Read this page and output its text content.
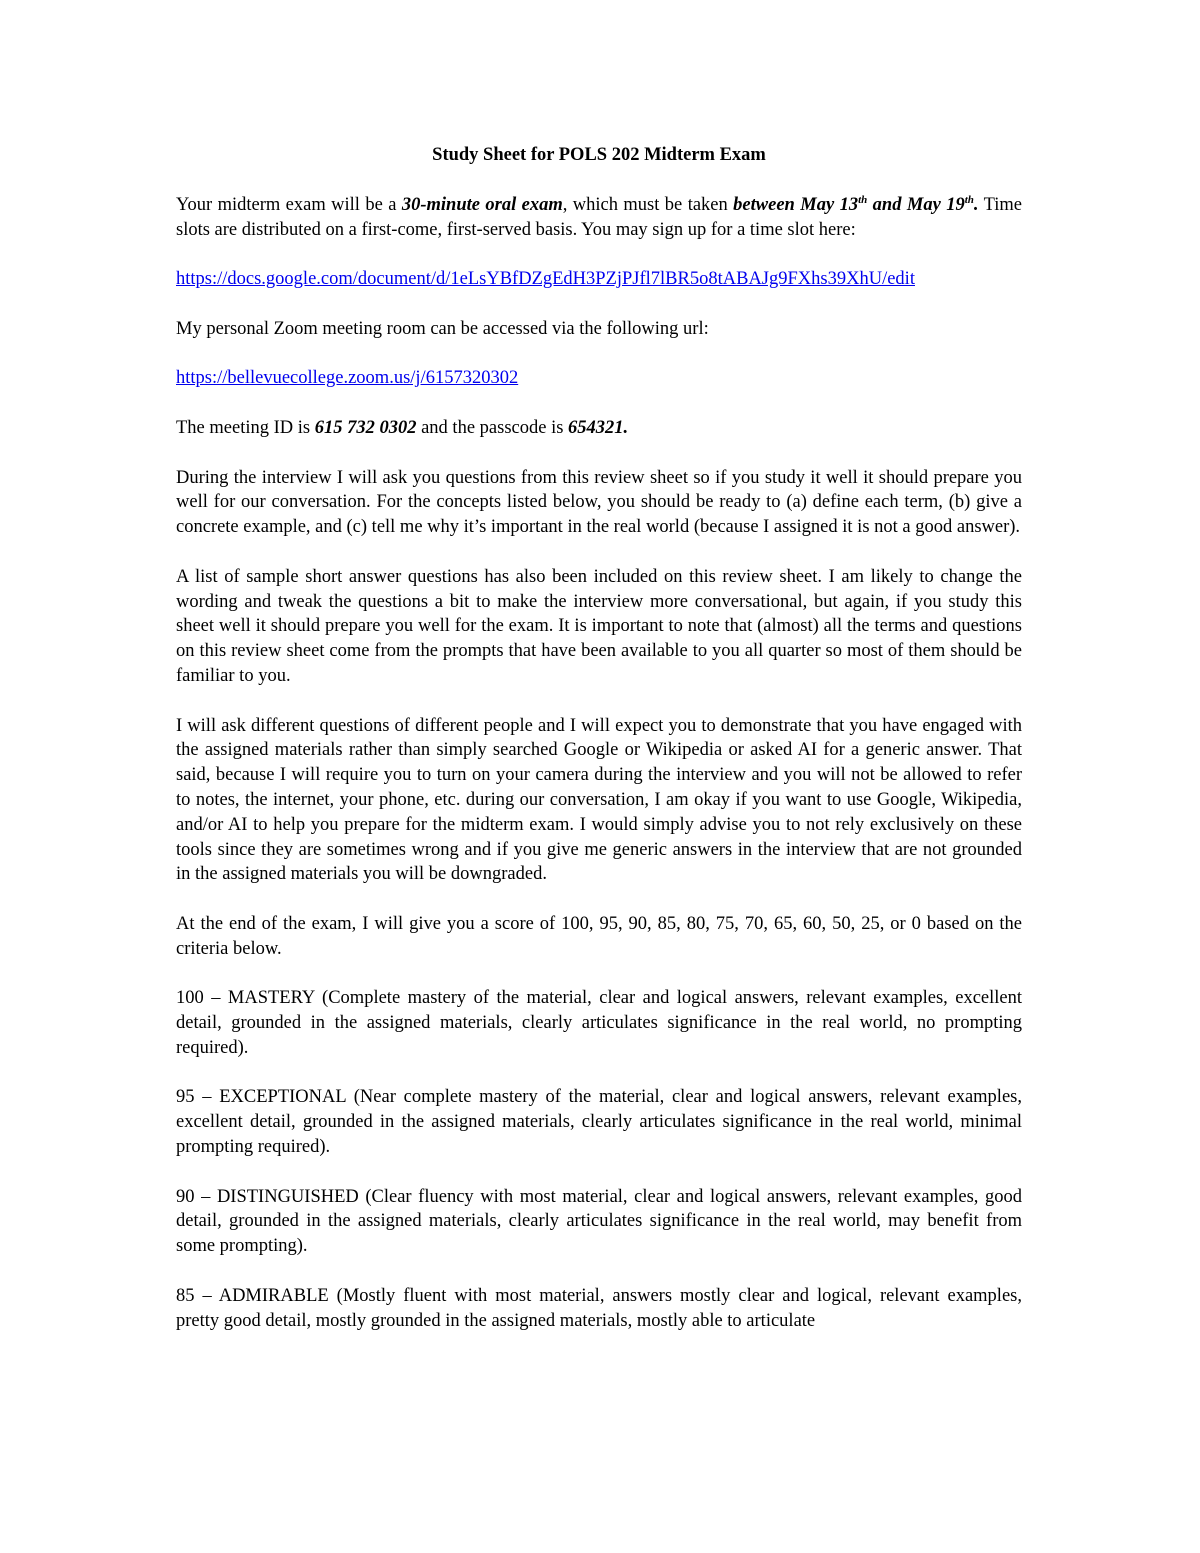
Study Sheet for POLS 202 Midterm Exam

Your midterm exam will be a 30-minute oral exam, which must be taken between May 13th and May 19th. Time slots are distributed on a first-come, first-served basis. You may sign up for a time slot here:

https://docs.google.com/document/d/1eLsYBfDZgEdH3PZjPJfl7lBR5o8tABAJg9FXhs39XhU/edit

My personal Zoom meeting room can be accessed via the following url:

https://bellevuecollege.zoom.us/j/6157320302

The meeting ID is 615 732 0302 and the passcode is 654321.

During the interview I will ask you questions from this review sheet so if you study it well it should prepare you well for our conversation. For the concepts listed below, you should be ready to (a) define each term, (b) give a concrete example, and (c) tell me why it’s important in the real world (because I assigned it is not a good answer).

A list of sample short answer questions has also been included on this review sheet. I am likely to change the wording and tweak the questions a bit to make the interview more conversational, but again, if you study this sheet well it should prepare you well for the exam. It is important to note that (almost) all the terms and questions on this review sheet come from the prompts that have been available to you all quarter so most of them should be familiar to you.

I will ask different questions of different people and I will expect you to demonstrate that you have engaged with the assigned materials rather than simply searched Google or Wikipedia or asked AI for a generic answer. That said, because I will require you to turn on your camera during the interview and you will not be allowed to refer to notes, the internet, your phone, etc. during our conversation, I am okay if you want to use Google, Wikipedia, and/or AI to help you prepare for the midterm exam. I would simply advise you to not rely exclusively on these tools since they are sometimes wrong and if you give me generic answers in the interview that are not grounded in the assigned materials you will be downgraded.

At the end of the exam, I will give you a score of 100, 95, 90, 85, 80, 75, 70, 65, 60, 50, 25, or 0 based on the criteria below.

100 – MASTERY (Complete mastery of the material, clear and logical answers, relevant examples, excellent detail, grounded in the assigned materials, clearly articulates significance in the real world, no prompting required).

95 – EXCEPTIONAL (Near complete mastery of the material, clear and logical answers, relevant examples, excellent detail, grounded in the assigned materials, clearly articulates significance in the real world, minimal prompting required).

90 – DISTINGUISHED (Clear fluency with most material, clear and logical answers, relevant examples, good detail, grounded in the assigned materials, clearly articulates significance in the real world, may benefit from some prompting).

85 – ADMIRABLE (Mostly fluent with most material, answers mostly clear and logical, relevant examples, pretty good detail, mostly grounded in the assigned materials, mostly able to articulate
